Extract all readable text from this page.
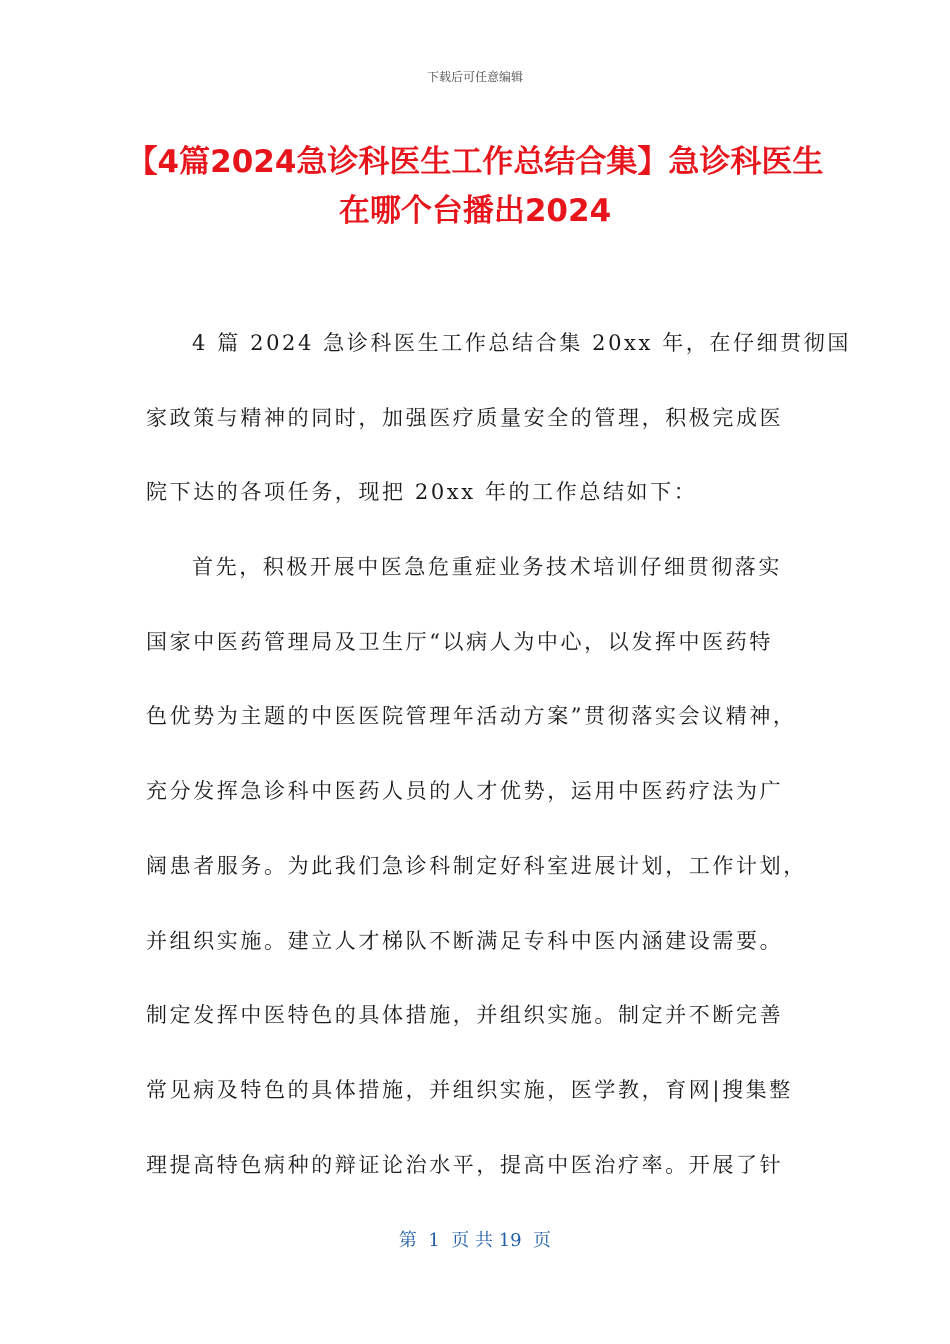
下载后可任意编辑
【4篇2024急诊科医生工作总结合集】急诊科医生在哪个台播出2024
4 篇 2024 急诊科医生工作总结合集 20xx 年，在仔细贯彻国
家政策与精神的同时，加强医疗质量安全的管理，积极完成医
院下达的各项任务，现把 20xx 年的工作总结如下：
首先，积极开展中医急危重症业务技术培训仔细贯彻落实
国家中医药管理局及卫生厅“以病人为中心，以发挥中医药特
色优势为主题的中医医院管理年活动方案”贯彻落实会议精神，
充分发挥急诊科中医药人员的人才优势，运用中医药疗法为广
阔患者服务。为此我们急诊科制定好科室进展计划，工作计划，
并组织实施。建立人才梯队不断满足专科中医内涵建设需要。
制定发挥中医特色的具体措施，并组织实施。制定并不断完善
常见病及特色的具体措施，并组织实施，医学教，育网|搜集整
理提高特色病种的辩证论治水平，提高中医治疗率。开展了针
第  1  页 共 19  页
